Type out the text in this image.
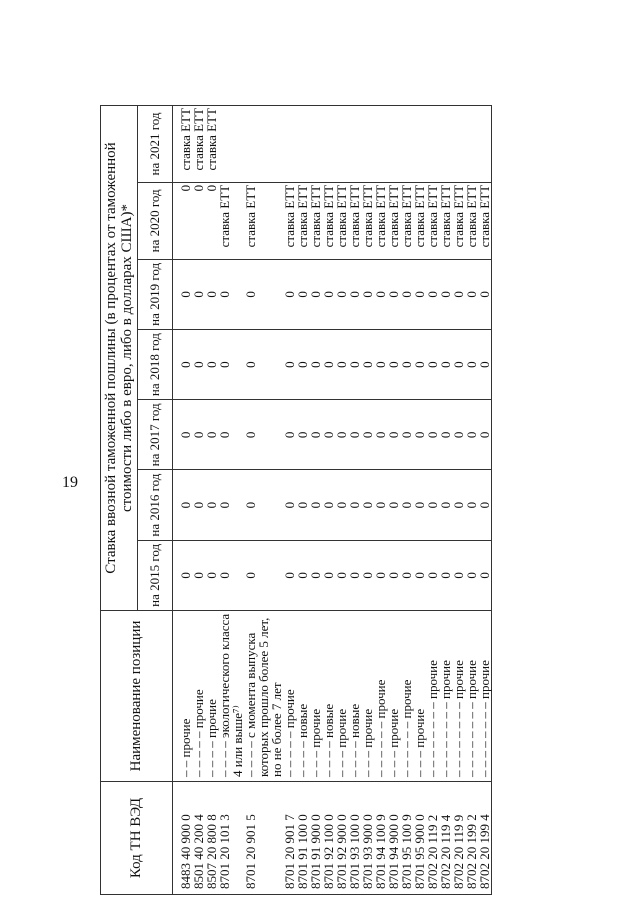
19
Код ТН ВЭД	Наименование позиции	Ставка ввозной таможенной пошлины (в процентах от таможенной стоимости либо в евро, либо в долларах США)*						
		на 2015 год	на 2016 год	на 2017 год	на 2018 год	на 2019 год	на 2020 год	на 2021 год

8483 40 900 0	– – прочие	0	0	0	0	0	0	ставка ЕТТ
8501 40 200 4	– – – – – прочие	0	0	0	0	0	0	ставка ЕТТ
8507 20 800 8	– – – – прочие	0	0	0	0	0	0	ставка ЕТТ
8701 20 101 3	– – – – экологического класса 4 или выше⁷⁾	0	0	0	0	0	ставка ЕТТ	
8701 20 901 5	– – – – с момента выпуска которых прошло более 5 лет, но не более 7 лет	0	0	0	0	0	ставка ЕТТ	
8701 20 901 7	– – – – – прочие	0	0	0	0	0	ставка ЕТТ	
8701 91 100 0	– – – – новые	0	0	0	0	0	ставка ЕТТ	
8701 91 900 0	– – – прочие	0	0	0	0	0	ставка ЕТТ	
8701 92 100 0	– – – – новые	0	0	0	0	0	ставка ЕТТ	
8701 92 900 0	– – – прочие	0	0	0	0	0	ставка ЕТТ	
8701 93 100 0	– – – – новые	0	0	0	0	0	ставка ЕТТ	
8701 93 900 0	– – – прочие	0	0	0	0	0	ставка ЕТТ	
8701 94 100 9	– – – – – – прочие	0	0	0	0	0	ставка ЕТТ	
8701 94 900 0	– – – прочие	0	0	0	0	0	ставка ЕТТ	
8701 95 100 9	– – – – – – прочие	0	0	0	0	0	ставка ЕТТ	
8701 95 900 0	– – – прочие	0	0	0	0	0	ставка ЕТТ	
8702 20 119 2	– – – – – – – – прочие	0	0	0	0	0	ставка ЕТТ	
8702 20 119 4	– – – – – – – – прочие	0	0	0	0	0	ставка ЕТТ	
8702 20 119 9	– – – – – – – – прочие	0	0	0	0	0	ставка ЕТТ	
8702 20 199 2	– – – – – – – – прочие	0	0	0	0	0	ставка ЕТТ	
8702 20 199 4	– – – – – – – – прочие	0	0	0	0	0	ставка ЕТТ	
